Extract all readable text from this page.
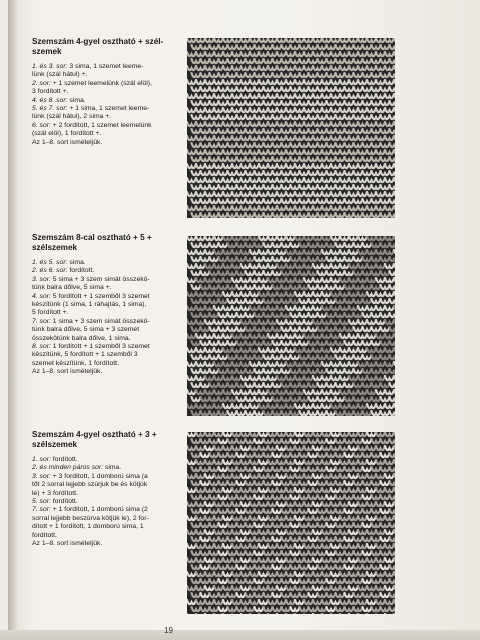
Szemszám 4-gyel osztható + szél-szemek

1. és 3. sor: 3 sima, 1 szemet leeme-

lünk (szál hátul) +.

2. sor: + 1 szemet leemelünk (szál elöl),

3 fordított +.

4. és 8. sor: sima.

5. és 7. sor: + 1 sima, 1 szemet leeme-

lünk (szál hátul), 2 sima +.

6. sor: + 2 fordított, 1 szemet leemelünk

(szál elöl), 1 fordított +.

Az 1–8. sort ismételjük.

Szemszám 8-cal osztható + 5 + szélszemek

1. és 5. sor: sima.

2. és 6. sor: fordított.

3. sor: 5 sima + 3 szem simát összekö-

tünk balra dőlve, 5 sima +.

4. sor: 5 fordított + 1 szemből 3 szemet

készítünk (1 sima, 1 ráhajtás, 1 sima),

5 fordított +.

7. sor: 1 sima + 3 szem simát összekö-

tünk balra dőlve, 5 sima + 3 szemet

összekötünk balra dőlve, 1 sima.

8. sor: 1 fordított + 1 szemből 3 szemet

készítünk, 5 fordított + 1 szemből 3

szemet készítünk, 1 fordított.

Az 1–8. sort ismételjük.

Szemszám 4-gyel osztható + 3 + szélszemek

1. sor: fordított.

2. és minden páros sor: sima.

3. sor: + 3 fordított, 1 domború sima (a

tőt 2 sorral lejjebb szúrjuk be és kötjük

le) + 3 fordított.

5. sor: fordított.

7. sor: + 1 fordított, 1 domború sima (2

sorral lejjebb beszúrva kötjük le), 2 for-

dított + 1 fordított, 1 domború sima, 1

fordított.

Az 1–8. sort ismételjük.

19
